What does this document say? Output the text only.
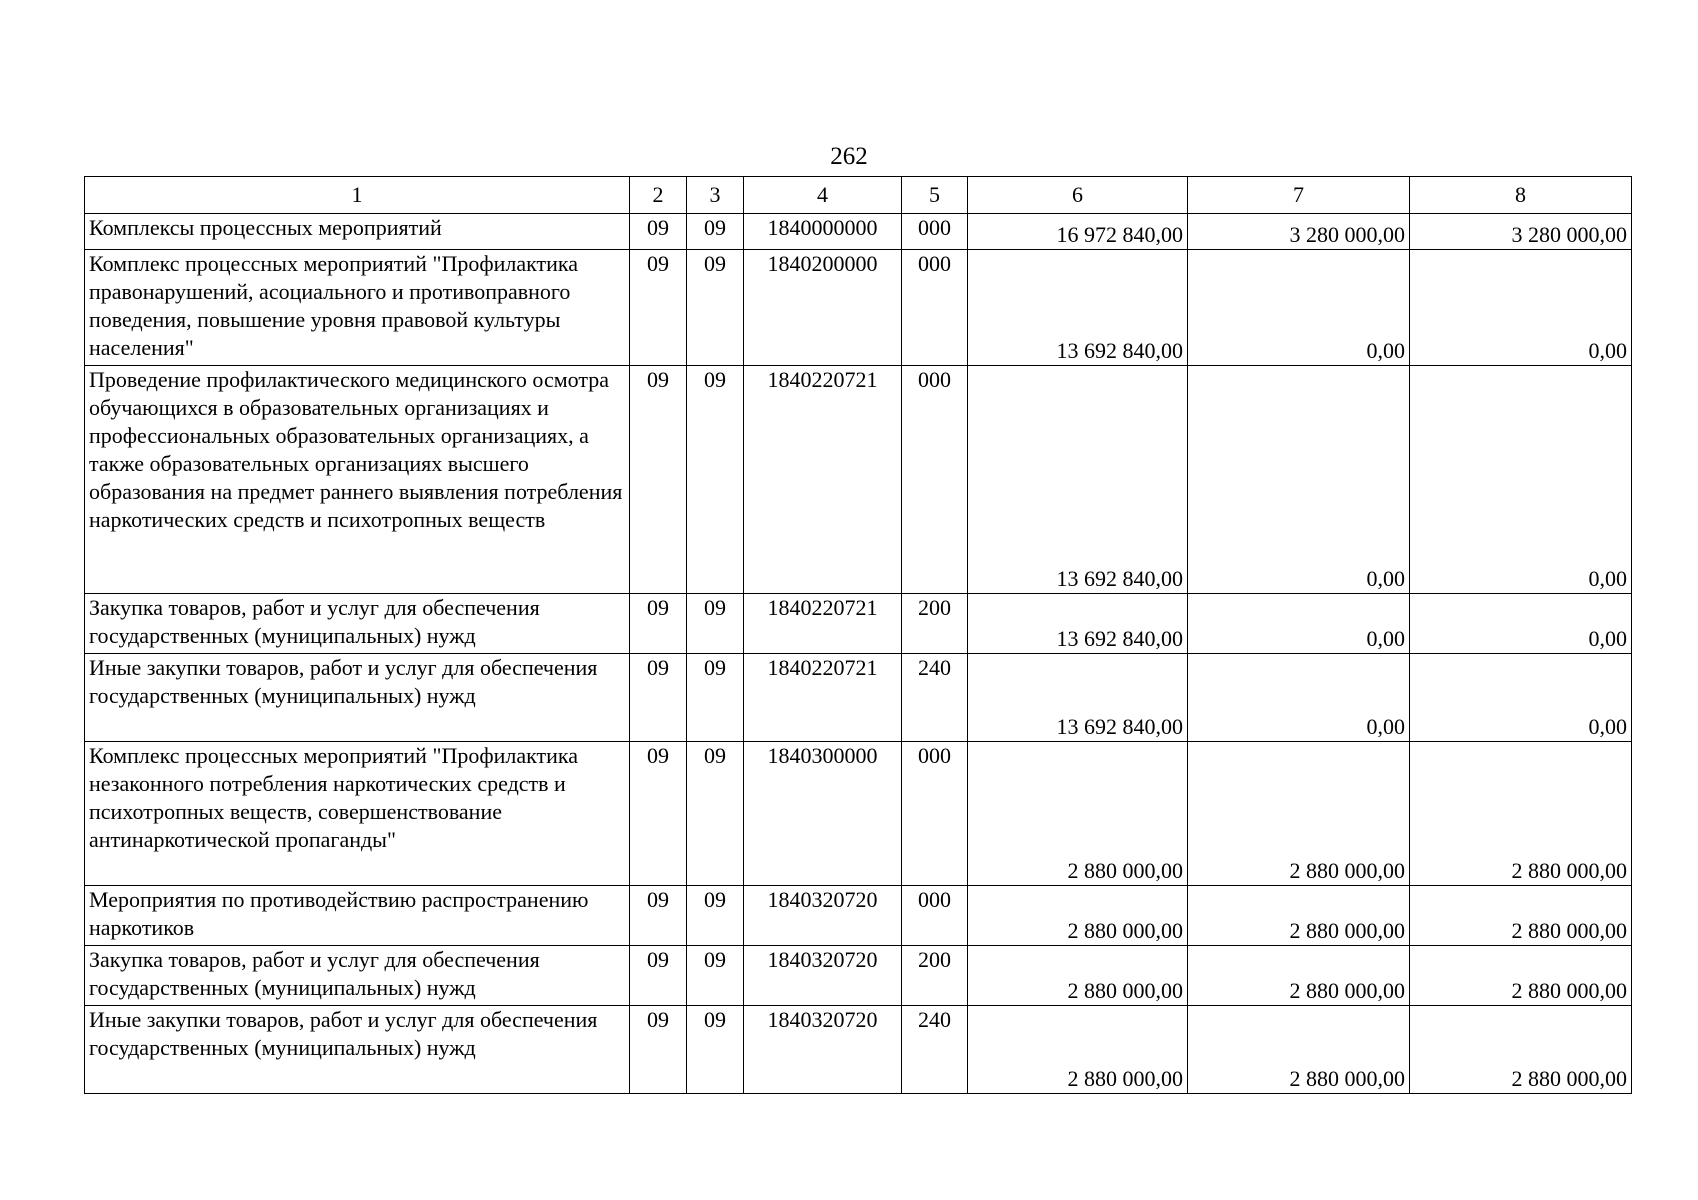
262
1	2	3	4	5	6	7	8
Комплексы процессных мероприятий	09	09	1840000000	000	16 972 840,00	3 280 000,00	3 280 000,00
Комплекс процессных мероприятий "Профилактика правонарушений, асоциального и противоправного поведения, повышение уровня правовой культуры населения"	09	09	1840200000	000	13 692 840,00	0,00	0,00
Проведение профилактического медицинского осмотра обучающихся в образовательных организациях и профессиональных образовательных организациях, а также образовательных организациях высшего образования на предмет раннего выявления потребления наркотических средств и психотропных веществ	09	09	1840220721	000	13 692 840,00	0,00	0,00
Закупка товаров, работ и услуг для обеспечения государственных (муниципальных) нужд	09	09	1840220721	200	13 692 840,00	0,00	0,00
Иные закупки товаров, работ и услуг для обеспечения государственных (муниципальных) нужд	09	09	1840220721	240	13 692 840,00	0,00	0,00
Комплекс процессных мероприятий "Профилактика незаконного потребления наркотических средств и психотропных веществ, совершенствование антинаркотической пропаганды"	09	09	1840300000	000	2 880 000,00	2 880 000,00	2 880 000,00
Мероприятия по противодействию распространению наркотиков	09	09	1840320720	000	2 880 000,00	2 880 000,00	2 880 000,00
Закупка товаров, работ и услуг для обеспечения государственных (муниципальных) нужд	09	09	1840320720	200	2 880 000,00	2 880 000,00	2 880 000,00
Иные закупки товаров, работ и услуг для обеспечения государственных (муниципальных) нужд	09	09	1840320720	240	2 880 000,00	2 880 000,00	2 880 000,00
